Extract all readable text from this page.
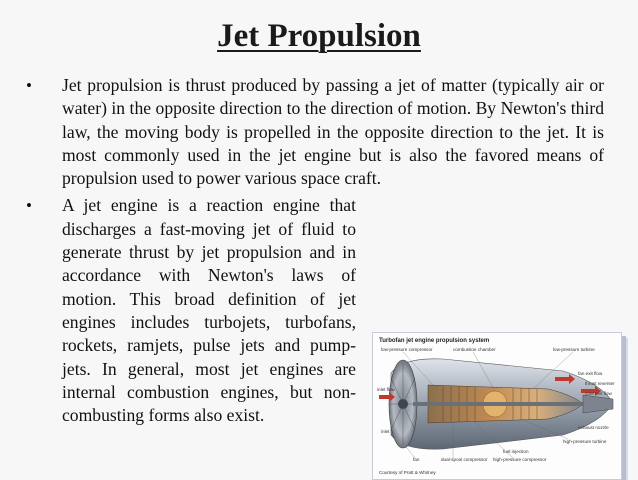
Jet Propulsion
• Jet propulsion is thrust produced by passing a jet of matter (typically air or water) in the opposite direction to the direction of motion. By Newton's third law, the moving body is propelled in the opposite direction to the jet. It is most commonly used in the jet engine but is also the favored means of propulsion used to power various space craft.
• A jet engine is a reaction engine that discharges a fast-moving jet of fluid to generate thrust by jet propulsion and in accordance with Newton's laws of motion. This broad definition of jet engines includes turbojets, turbofans, rockets, ramjets, pulse jets and pump-jets. In general, most jet engines are internal combustion engines, but non-combusting forms also exist.
Turbofan jet engine propulsion system
low-pressure compressor	combustion chamber	low-pressure turbine
fan exit flow
thrust reverser
core exit flow
exhaust nozzle
high-pressure turbine
fuel injection
inlet flow
inlet
fan	dual-spool compressor high-pressure compressor
Courtesy of Pratt & Whitney
